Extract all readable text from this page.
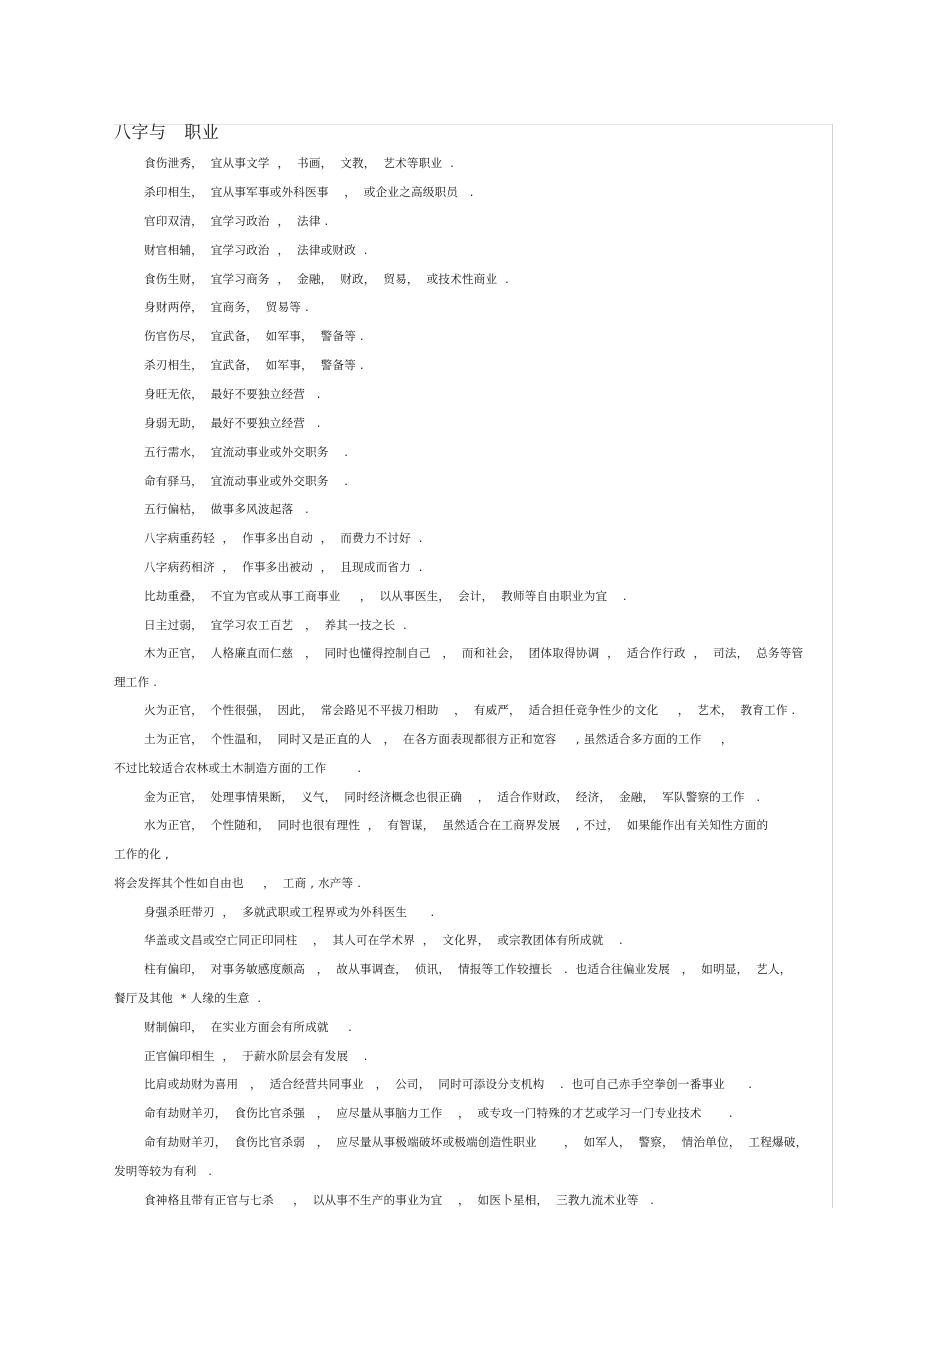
八字与   职业
食伤泄秀，  宜从事文学  ，  书画，  文教，  艺术等职业  .
杀印相生，  宜从事军事或外科医事    ，  或企业之高级职员   .
官印双清，  宜学习政治  ，  法律 .
财官相辅，  宜学习政治  ，  法律或财政  .
食伤生财，  宜学习商务  ，  金融，  财政，  贸易，  或技术性商业  .
身财两停，  宜商务，  贸易等 .
伤官伤尽，  宜武备，  如军事，  警备等 .
杀刃相生，  宜武备，  如军事，  警备等 .
身旺无依，  最好不要独立经营   .
身弱无助，  最好不要独立经营   .
五行需水，  宜流动事业或外交职务    .
命有驿马，  宜流动事业或外交职务    .
五行偏枯，  做事多风波起落   .
八字病重药轻  ，  作事多出自动  ，  而费力不讨好  .
八字病药相济  ，  作事多出被动  ，  且现成而省力  .
比劫重叠，  不宜为官或从事工商事业     ，  以从事医生，  会计，  教师等自由职业为宜    .
日主过弱，  宜学习农工百艺   ，  养其一技之长  .
木为正官，  人格廉直而仁慈   ，  同时也懂得控制自己   ，  而和社会，  团体取得协调  ，  适合作行政  ，  司法，  总务等管
理工作 .
火为正官，  个性很强，  因此，  常会路见不平拔刀相助    ，  有威严，  适合担任竞争性少的文化     ，  艺术，  教育工作 .
土为正官，  个性温和，  同时又是正直的人   ，  在各方面表现都很方正和宽容     , 虽然适合多方面的工作     ，
不过比较适合农林或土木制造方面的工作        .
金为正官，  处理事情果断，  义气，  同时经济概念也很正确    ，  适合作财政，  经济，  金融，  军队警察的工作   .
水为正官，  个性随和，  同时也很有理性  ，  有智谋，  虽然适合在工商界发展    , 不过，  如果能作出有关知性方面的
工作的化 ,
将会发挥其个性如自由也     ，  工商 , 水产等 .
身强杀旺带刃  ，  多就武职或工程界或为外科医生      .
华盖或文昌或空亡同正印同柱    ，  其人可在学术界  ，  文化界，  或宗教团体有所成就    .
柱有偏印，  对事务敏感度颇高   ，  故从事调查，  侦讯，  情报等工作较擅长   .  也适合往偏业发展   ，  如明显，  艺人，
餐厅及其他  * 人缘的生意  .
财制偏印，  在实业方面会有所成就     .
正官偏印相生  ，  于薪水阶层会有发展    .
比肩或劫财为喜用   ，  适合经营共同事业   ，  公司，  同时可添设分支机构    .  也可自己赤手空拳创一番事业      .
命有劫财羊刃，  食伤比官杀强   ，  应尽量从事脑力工作    ，  或专攻一门特殊的才艺或学习一门专业技术       .
命有劫财羊刃，  食伤比官杀弱   ，  应尽量从事极端破坏或极端创造性职业       ，  如军人，  警察，  情治单位，  工程爆破，
发明等较为有利   .
食神格且带有正官与七杀     ，  以从事不生产的事业为宜    ，  如医卜星相，  三教九流术业等   .
